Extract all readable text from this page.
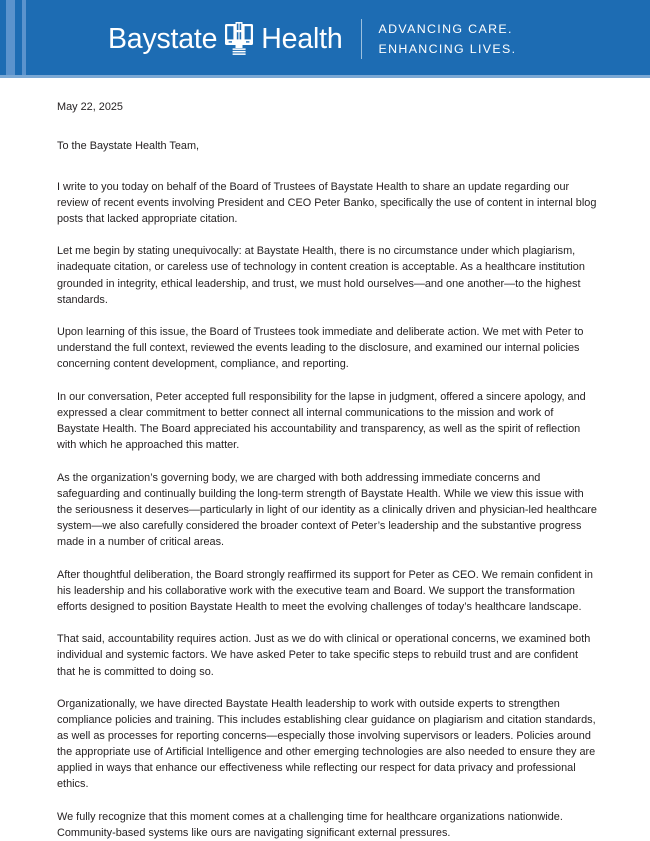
Baystate Health	ADVANCING CARE.
ENHANCING LIVES.

May 22, 2025

To the Baystate Health Team,

I write to you today on behalf of the Board of Trustees of Baystate Health to share an update regarding our review of recent events involving President and CEO Peter Banko, specifically the use of content in internal blog posts that lacked appropriate citation.

Let me begin by stating unequivocally: at Baystate Health, there is no circumstance under which plagiarism, inadequate citation, or careless use of technology in content creation is acceptable. As a healthcare institution grounded in integrity, ethical leadership, and trust, we must hold ourselves—and one another—to the highest standards.

Upon learning of this issue, the Board of Trustees took immediate and deliberate action. We met with Peter to understand the full context, reviewed the events leading to the disclosure, and examined our internal policies concerning content development, compliance, and reporting.

In our conversation, Peter accepted full responsibility for the lapse in judgment, offered a sincere apology, and expressed a clear commitment to better connect all internal communications to the mission and work of Baystate Health. The Board appreciated his accountability and transparency, as well as the spirit of reflection with which he approached this matter.

As the organization’s governing body, we are charged with both addressing immediate concerns and safeguarding and continually building the long-term strength of Baystate Health. While we view this issue with the seriousness it deserves—particularly in light of our identity as a clinically driven and physician-led healthcare system—we also carefully considered the broader context of Peter’s leadership and the substantive progress made in a number of critical areas.

After thoughtful deliberation, the Board strongly reaffirmed its support for Peter as CEO. We remain confident in his leadership and his collaborative work with the executive team and Board. We support the transformation efforts designed to position Baystate Health to meet the evolving challenges of today’s healthcare landscape.

That said, accountability requires action. Just as we do with clinical or operational concerns, we examined both individual and systemic factors. We have asked Peter to take specific steps to rebuild trust and are confident that he is committed to doing so.

Organizationally, we have directed Baystate Health leadership to work with outside experts to strengthen compliance policies and training. This includes establishing clear guidance on plagiarism and citation standards, as well as processes for reporting concerns—especially those involving supervisors or leaders. Policies around the appropriate use of Artificial Intelligence and other emerging technologies are also needed to ensure they are applied in ways that enhance our effectiveness while reflecting our respect for data privacy and professional ethics.

We fully recognize that this moment comes at a challenging time for healthcare organizations nationwide. Community-based systems like ours are navigating significant external pressures.
